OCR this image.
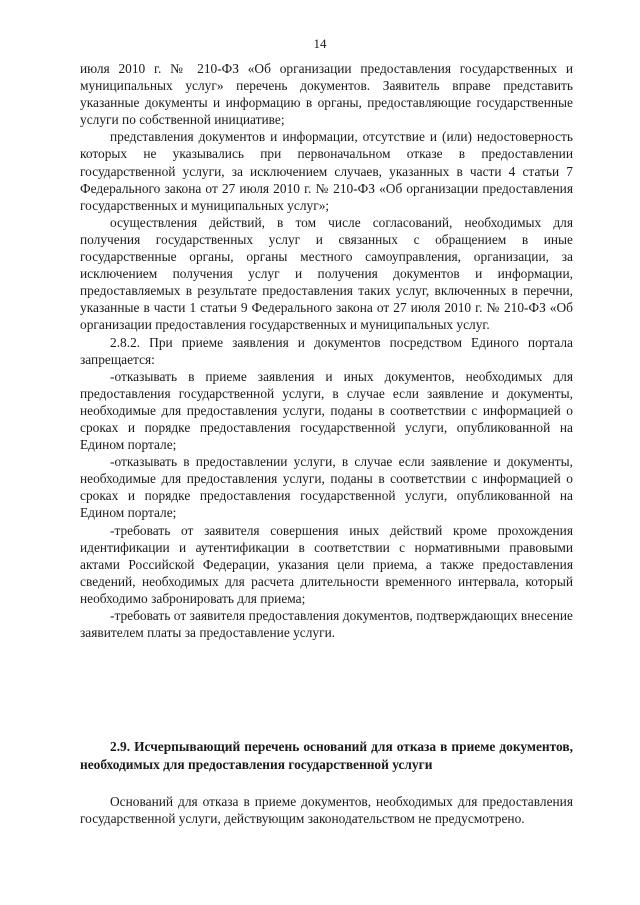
14

июля 2010 г. № 210-ФЗ «Об организации предоставления государственных и муниципальных услуг» перечень документов. Заявитель вправе представить указанные документы и информацию в органы, предоставляющие государственные услуги по собственной инициативе;

представления документов и информации, отсутствие и (или) недостоверность которых не указывались при первоначальном отказе в предоставлении государственной услуги, за исключением случаев, указанных в части 4 статьи 7 Федерального закона от 27 июля 2010 г. № 210-ФЗ «Об организации предоставления государственных и муниципальных услуг»;

осуществления действий, в том числе согласований, необходимых для получения государственных услуг и связанных с обращением в иные государственные органы, органы местного самоуправления, организации, за исключением получения услуг и получения документов и информации, предоставляемых в результате предоставления таких услуг, включенных в перечни, указанные в части 1 статьи 9 Федерального закона от 27 июля 2010 г. № 210-ФЗ «Об организации предоставления государственных и муниципальных услуг.

2.8.2. При приеме заявления и документов посредством Единого портала запрещается:

-отказывать в приеме заявления и иных документов, необходимых для предоставления государственной услуги, в случае если заявление и документы, необходимые для предоставления услуги, поданы в соответствии с информацией о сроках и порядке предоставления государственной услуги, опубликованной на Едином портале;

-отказывать в предоставлении услуги, в случае если заявление и документы, необходимые для предоставления услуги, поданы в соответствии с информацией о сроках и порядке предоставления государственной услуги, опубликованной на Едином портале;

-требовать от заявителя совершения иных действий кроме прохождения идентификации и аутентификации в соответствии с нормативными правовыми актами Российской Федерации, указания цели приема, а также предоставления сведений, необходимых для расчета длительности временного интервала, который необходимо забронировать для приема;

-требовать от заявителя предоставления документов, подтверждающих внесение заявителем платы за предоставление услуги.

2.9. Исчерпывающий перечень оснований для отказа в приеме документов, необходимых для предоставления государственной услуги

Оснований для отказа в приеме документов, необходимых для предоставления государственной услуги, действующим законодательством не предусмотрено.
